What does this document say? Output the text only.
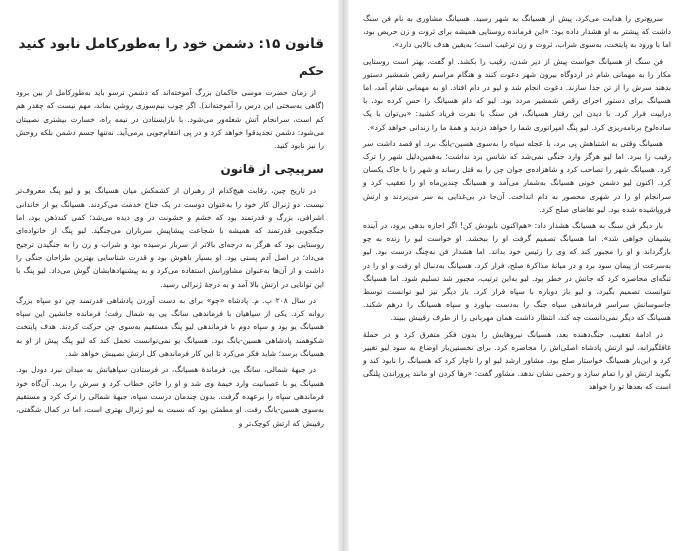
قانون ۱۵: دشمن خود را به‌طورکامل نابود کنید
حکم

از زمان حضرت موسی حاکمان بزرگ آموخته‌اند که دشمن ترسو باید به‌طورکامل از بین برود (گاهی به‌سختی این درس را آموخته‌اند). اگر چوب نیم‌سوزی روشن بماند، مهم نیست که چقدر هم کم است، سرانجام آتش شعله‌ور می‌شود. با بازایستادن در نیمه راه، خسارت بیشتری نصیبتان می‌شود: دشمن تجدیدقوا خواهد کرد و در پی انتقام‌جویی برمی‌آید. نه‌تنها جسم دشمن بلکه روحش را نیز نابود کنید.

سرپیچی از قانون

در تاریخ چین، رقابت هیچ‌کدام از رهبران از کشمکش میان هسیانگ یو و لیو پنگ معروف‌تر نیست. دو ژنرال کار خود را به‌عنوان دوست در یک جناح خدمت می‌کردند. هسیانگ یو از خاندانی اشرافی، بزرگ و قدرتمند بود که خشم و خشونت در وی دیده می‌شد؛ کمی کندذهن بود، اما جنگجویی قدرتمند که همیشه با شجاعت پیشاپیش سربازان می‌جنگید. لیو پنگ از خانواده‌ای روستایی بود که هرگز به درجه‌ای بالاتر از سرباز نرسیده بود و شراب و زن را به جنگیدن ترجیح می‌داد؛ در اصل آدم پستی بود. او بسیار باهوش بود و قدرت شناسایی بهترین طراحان جنگی را داشت و از آن‌ها به‌عنوان مشاورانش استفاده می‌کرد و به پیشنهادهایشان گوش می‌داد. لیو پنگ با این توانایی در ارتش بالا آمد و به درجهٔ ژنرالی رسید.

در سال ۲۰۸ پ. م. پادشاه «چو» برای به دست آوردن پادشاهی قدرتمند چن دو سپاه بزرگ روانه کرد. یکی از سپاهیان با فرماندهی سانگ یی به شمال رفت؛ فرمانده جانشین این سپاه هسیانگ یو بود و سپاه دوم با فرماندهی لیو پنگ مستقیم به‌سوی چن حرکت کردند. هدف پایتخت شکوهمند پادشاهی هسین-یانگ بود. هسیانگ یو نمی‌توانست تحمل کند که لیو پنگ پیش از او به هسیانگ برسد؛ شاید فکر می‌کرد تا این کار فرماندهی کل ارتش نصیبش خواهد شد.

در جبههٔ شمالی، سانگ یی، فرماندهٔ هسیانگ، در فرستادن سپاهیانش به میدان نبرد دودل بود. هسیانگ یو با عصبانیت وارد خیمهٔ وی شد و او را خائن خطاب کرد و سرش را برید. آن‌گاه خود فرماندهی سپاه را برعهده گرفت. بدون چندمان درست سپاه، جبههٔ شمالی را ترک کرد و مستقیم به‌سوی هسین-یانگ رفت. او مطمئن بود که نسبت به لیو ژنرال بهتری است، اما در کمال شگفتی، رقیبش که ارتش کوچک‌تر و

سریع‌تری را هدایت می‌کرد، پیش از هسیانگ به شهر رسید. هسیانگ مشاوری به نام فن سنگ داشت که پیشتر به او هشدار داده بود: «این فرمانده روستایی همیشه برای ثروت و زن حریص بود، اما با ورود به پایتخت، به‌سوی شراب، ثروت و زن ترغیب است؛ به‌یقین هدف بالایی دارد».

فن سنگ از هسیانگ خواست پیش از دیر شدن، رقیب را بکشد. او گفت، بهتر است روستایی مکار را به مهمانی شام در اردوگاه بیرون شهر دعوت کنند و هنگام مراسم رقص شمشیر دستور بدهند سرش را از تن جدا سازند. دعوت انجام شد و لیو در دام افتاد. او به مهمانی شام آمد، اما هسیانگ برای دستور اجرای رقص شمشیر مردد بود. لیو که دام هسیانگ را حس کرده بود، با دراییت فرار کرد. با دیدن این رفتار هسیانگ، فن سنگ با نفرت فریاد کشید: «بی‌توان با یک ساده‌لوح برنامه‌ریزی کرد. لیو پنگ امپراتوری شما را خواهد دزدید و همهٔ ما را زندانی خواهد کرد».

هسیانگ وقتی به اشتباهش پی برد، با عجله سپاه را به‌سوی هسین-یانگ برد. او قصد داشت سر رقیب را ببرد. اما لیو هرگز وارد جنگی نمی‌شد که شانس برد نداشت؛ به‌همین‌دلیل شهر را ترک کرد. هسیانگ شهر را تصاحب کرد و شاهزاده‌ی جوان چن را به قتل رساند و شهر را با خاک یکسان کرد. اکنون لیو دشمن خونی هسیانگ به‌شمار می‌آمد و هسیانگ چندین‌ماه او را تعقیب کرد و سرانجام او را در شهری محصور به دام انداخت. آن‌جا در بی‌غذایی به سر می‌بردند و ارتش فروپاشیده شده بود. لیو تقاضای صلح کرد.

بار دیگر فن سنگ به هسیانگ هشدار داد: «هم‌اکنون نابودش کن! اگر اجازه بدهی برود، در آینده پشیمان خواهی شد». اما هسیانگ تصمیم گرفت او را ببخشد. او خواست لیو را زنده به چو بازگرداند و او را مجبور کند که وی را رئیس خود بداند. اما هشدار فن به‌چنگ درست بود. لیو به‌سرعت از پیمان سود برد و در میانهٔ مذاکرهٔ صلح، فرار کرد. هسیانگ به‌دنبال او رفت و او را در تنگه‌ای محاصره کرد که جانش در خطر بود. لیو به‌این ترتیب، مجبور شد تسلیم شود. اما هسیانگ نتوانست تصمیم بگیرد، و لیو باز دوباره با سپاه فرار کرد. بار دیگر نیز لیو توانست توسط جاسوسانش سراسر فرماندهی سپاه جنگ را به‌دست بیاورد و سپاه هسیانگ را درهم شکند. هسیانگ که دیگر نمی‌دانست چه کند، انتظار داشت همان مهربانی را از طرف رقیبش ببیند.

در ادامهٔ تعقیب، جنگ‌دهنده بعد، هسیانگ نیروهایش را بدون فکر متفرق کرد و در حملهٔ غافلگیرانه، لیو ارتش پادشاه اصلی‌اش را محاصره کرد. برای نخستین‌بار اوضاع به سود لیو تغییر کرد و این‌بار هسیانگ خواستار صلح بود. مشاور ارشد لیو او را ناچار کرد که هسیانگ را نابود کند و بگوید ارتش او را تمام سازد و رحمی نشان ندهد. مشاور گفت: «رها کردن او مانند پروراندن پلنگی است که بعدها تو را خواهد
